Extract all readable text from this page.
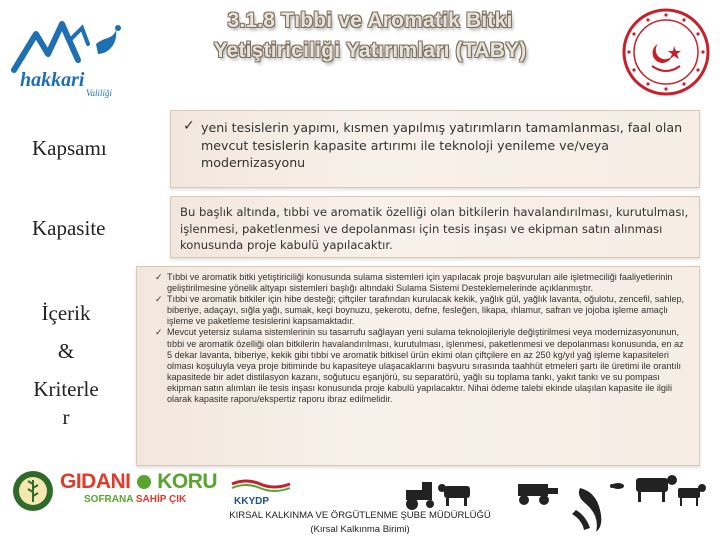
3.1.8 Tıbbi ve Aromatik Bitki
Yetiştiriciliği Yatırımları (TABY)
hakkari
Valiliği
Kapsamı
Kapasite
İçerik
&
Kriterle
r
✓ yeni tesislerin yapımı, kısmen yapılmış yatırımların tamamlanması, faal olan mevcut tesislerin kapasite artırımı ile teknoloji yenileme ve/veya modernizasyonu
Bu başlık altında, tıbbi ve aromatik özelliği olan bitkilerin havalandırılması, kurutulması, işlenmesi, paketlenmesi ve depolanması için tesis inşası ve ekipman satın alınması konusunda proje kabulü yapılacaktır.
✓ Tıbbi ve aromatik bitki yetiştiriciliği konusunda sulama sistemleri için yapılacak proje başvuruları aile işletmeciliği faaliyetlerinin geliştirilmesine yönelik altyapı sistemleri başlığı altındaki Sulama Sistemi Desteklemelerinde açıklanmıştır.
✓ Tıbbi ve aromatik bitkiler için hibe desteği; çiftçiler tarafından kurulacak kekik, yağlık gül, yağlık lavanta, oğulotu, zencefil, sahlep, biberiye, adaçayı, sığla yağı, sumak, keçi boynuzu, şekerotu, defne, fesleğen, likapa, ıhlamur, safran ve jojoba işleme amaçlı işleme ve paketleme tesislerini kapsamaktadır.
✓ Mevcut yetersiz sulama sistemlerinin su tasarrufu sağlayan yeni sulama teknolojileriyle değiştirilmesi veya modernizasyonunun, tıbbi ve aromatik özelliği olan bitkilerin havalandırılması, kurutulması, işlenmesi, paketlenmesi ve depolanması konusunda, en az 5 dekar lavanta, biberiye, kekik gibi tıbbi ve aromatik bitkisel ürün ekimi olan çiftçilere en az 250 kg/yıl yağ işleme kapasiteleri olması koşuluyla veya proje bitiminde bu kapasiteye ulaşacaklarını başvuru sırasında taahhüt etmeleri şartı ile üretimi ile orantılı kapasitede bir adet distilasyon kazanı, soğutucu eşanjörü, su separatörü, yağlı su toplama tankı, yakıt tankı ve su pompası ekipman satın alımları ile tesis inşası konusunda proje kabulü yapılacaktır. Nihai ödeme talebi ekinde ulaşılan kapasite ile ilgili olarak kapasite raporu/ekspertiz raporu ibraz edilmelidir.
GIDANI KORU
SOFRANA SAHİP ÇIK	KKYDP
KIRSAL KALKINMA VE ÖRGÜTLENME ŞUBE MÜDÜRLÜĞÜ
(Kırsal Kalkınma Birimi)
